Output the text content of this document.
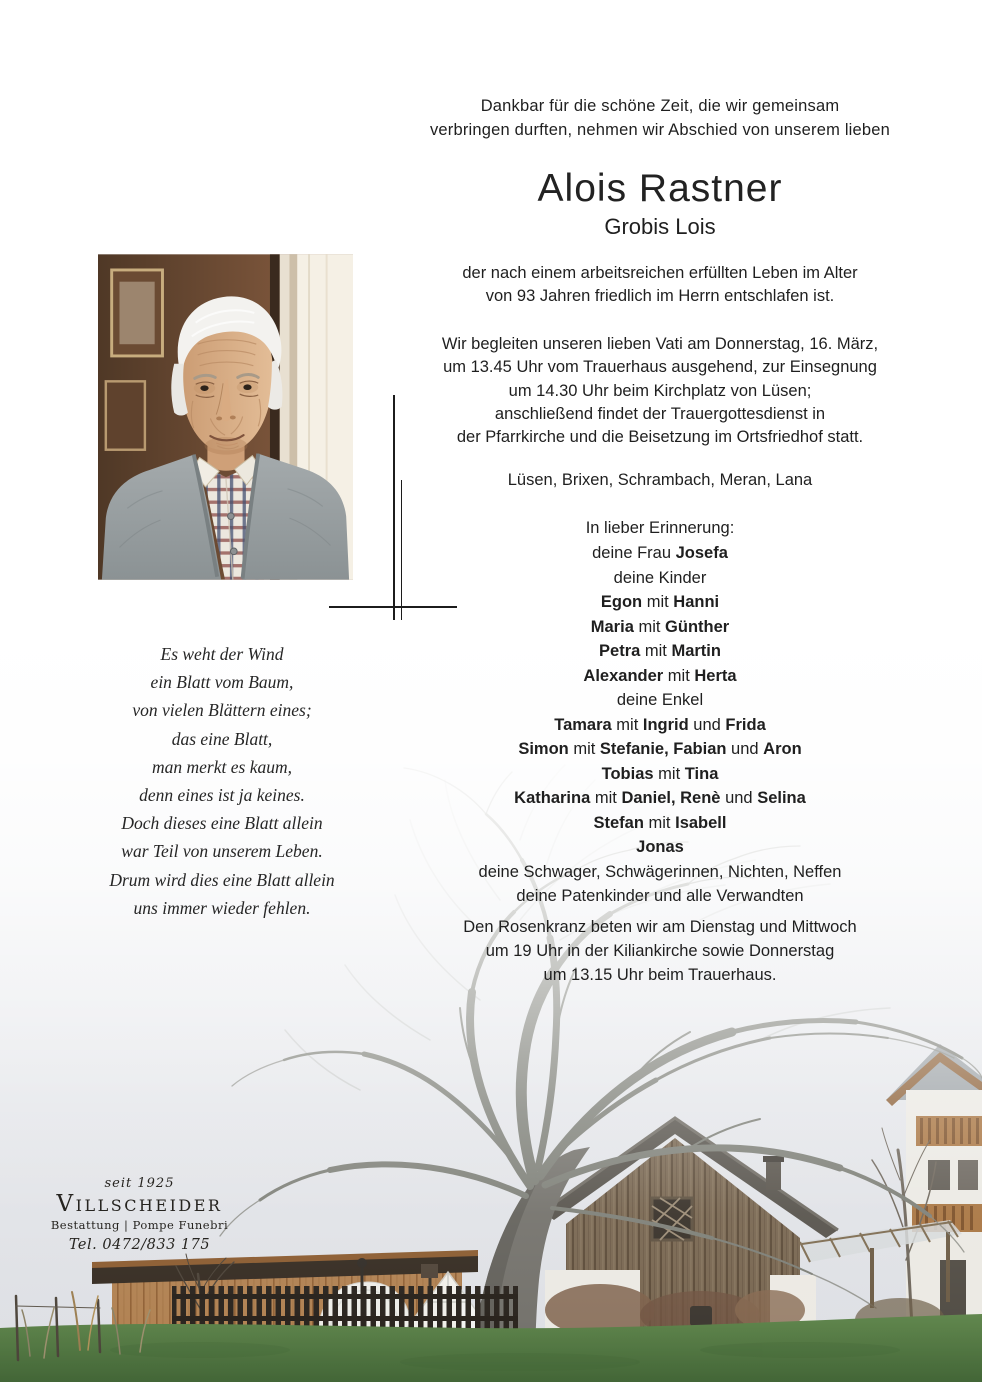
Dankbar für die schöne Zeit, die wir gemeinsam
verbringen durften, nehmen wir Abschied von unserem lieben
Alois Rastner
Grobis Lois
der nach einem arbeitsreichen erfüllten Leben im Alter
von 93 Jahren friedlich im Herrn entschlafen ist.
Wir begleiten unseren lieben Vati am Donnerstag, 16. März,
um 13.45 Uhr vom Trauerhaus ausgehend, zur Einsegnung
um 14.30 Uhr beim Kirchplatz von Lüsen;
anschließend findet der Trauergottesdienst in
der Pfarrkirche und die Beisetzung im Ortsfriedhof statt.
Lüsen, Brixen, Schrambach, Meran, Lana
In lieber Erinnerung:
deine Frau Josefa
deine Kinder
Egon mit Hanni
Maria mit Günther
Petra mit Martin
Alexander mit Herta
deine Enkel
Tamara mit Ingrid und Frida
Simon mit Stefanie, Fabian und Aron
Tobias mit Tina
Katharina mit Daniel, Renè und Selina
Stefan mit Isabell
Jonas
deine Schwager, Schwägerinnen, Nichten, Neffen
deine Patenkinder und alle Verwandten
Den Rosenkranz beten wir am Dienstag und Mittwoch
um 19 Uhr in der Kiliankirche sowie Donnerstag
um 13.15 Uhr beim Trauerhaus.
Es weht der Wind
ein Blatt vom Baum,
von vielen Blättern eines;
das eine Blatt,
man merkt es kaum,
denn eines ist ja keines.
Doch dieses eine Blatt allein
war Teil von unserem Leben.
Drum wird dies eine Blatt allein
uns immer wieder fehlen.
seit 1925
Villscheider
Bestattung | Pompe Funebri
Tel. 0472/833 175
